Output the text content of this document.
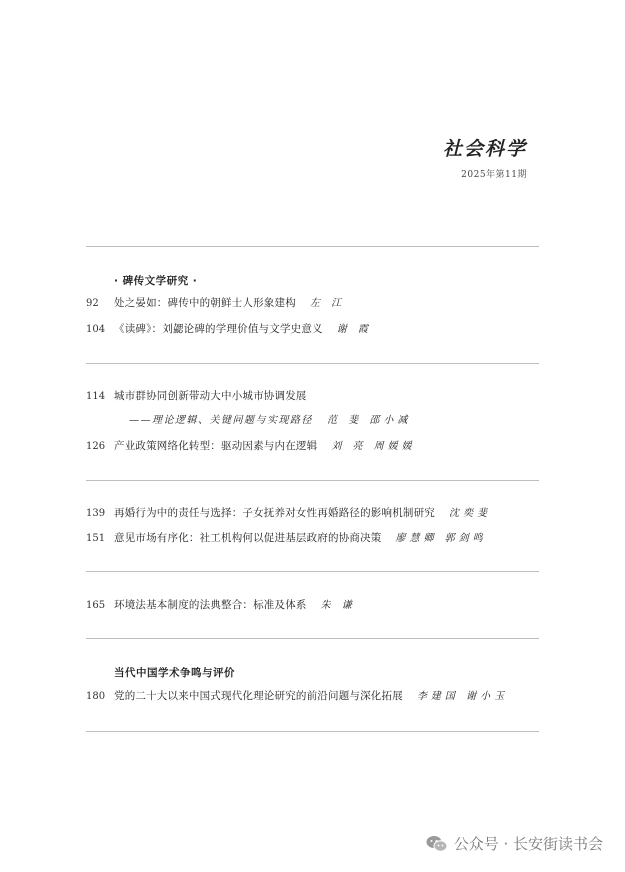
社会科学
2025年第11期
· 碑传文学研究 ·
92 处之晏如：碑传中的朝鲜士人形象建构 左 江
104 《读碑》：刘勰论碑的学理价值与文学史意义 谢 霞
114 城市群协同创新带动大中小城市协调发展
——理论逻辑、关键问题与实现路径 范 斐 邵小减
126 产业政策网络化转型：驱动因素与内在逻辑 刘 亮 周媛媛
139 再婚行为中的责任与选择：子女抚养对女性再婚路径的影响机制研究 沈奕斐
151 意见市场有序化：社工机构何以促进基层政府的协商决策 廖慧卿 郭剑鸣
165 环境法基本制度的法典整合：标准及体系 朱 谦
当代中国学术争鸣与评价
180 党的二十大以来中国式现代化理论研究的前沿问题与深化拓展 李建国 谢小玉
公众号 · 长安街读书会
